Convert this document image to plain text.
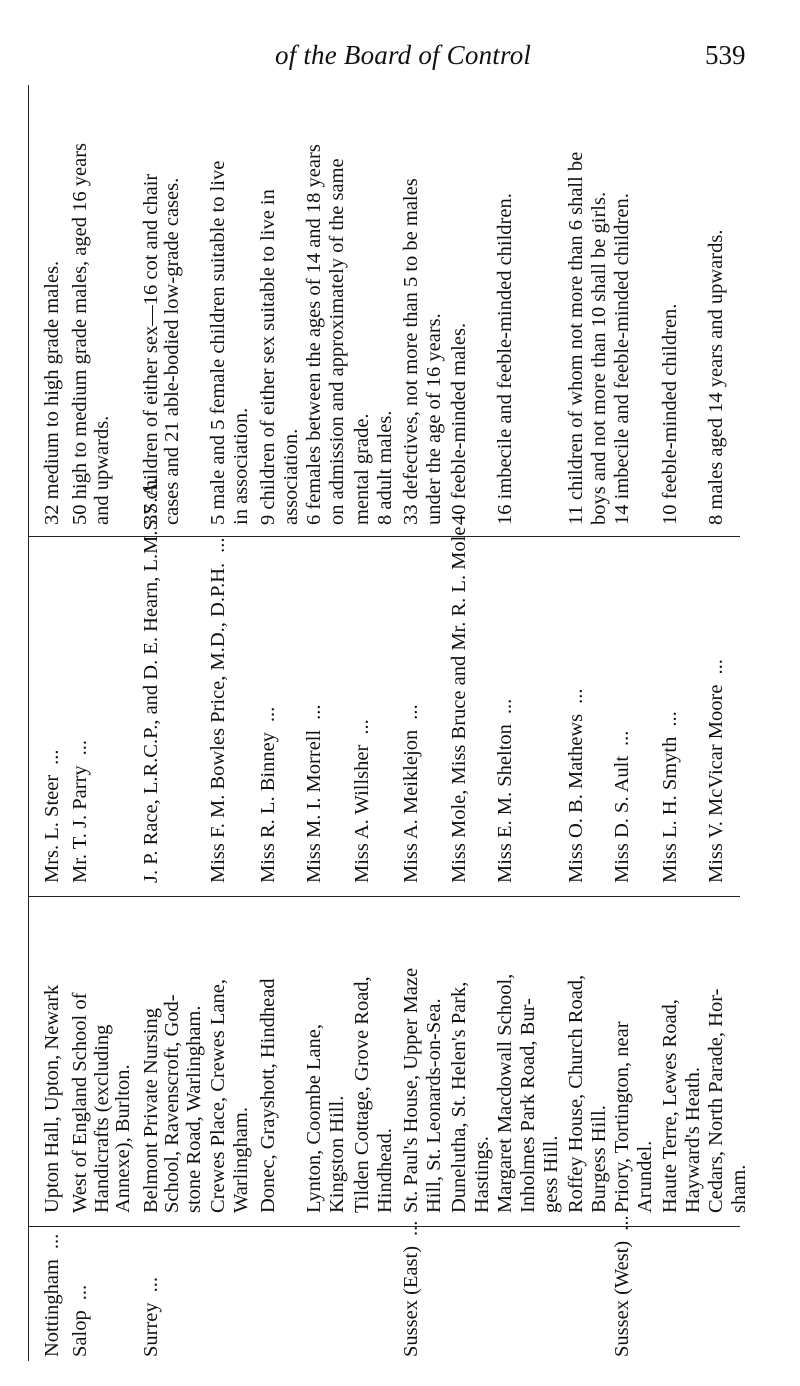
of the Board of Control	539
Nottingham...
Upton Hall, Upton, Newark
Mrs. L. Steer...
32 medium to high grade males.
Salop...
West of England School of
Mr. T. J. Parry...
50 high to medium grade males, aged 16 years
Handicrafts (excluding
and upwards.
Annexe), Burlton.
Surrey...
Belmont Private Nursing
J. P. Race, L.R.C.P., and D. E. Hearn, L.M.S.S.A.
37 children of either sex—16 cot and chair
School, Ravenscroft, God-
cases and 21 able-bodied low-grade cases.
stone Road, Warlingham. Crewes Place, Crewes Lane,
Miss F. M. Bowles Price, M.D., D.P.H....
5 male and 5 female children suitable to live
Warlingham.
in association.
Donec, Grayshott, Hindhead
Miss R. L. Binney...
9 children of either sex suitable to live in association.
Lynton, Coombe Lane,
Miss M. I. Morrell...
6 females between the ages of 14 and 18 years
Kingston Hill.
on admission and approximately of the same
Tilden Cottage, Grove Road,
Miss A. Willsher...
mental grade.
Hindhead.
8 adult males.
Sussex (East)...
St. Paul's House, Upper Maze
Miss A. Meiklejon...
33 defectives, not more than 5 to be males
Hill, St. Leonards-on-Sea.
under the age of 16 years.
Dunelutha, St. Helen's Park,
Miss Mole, Miss Bruce and Mr. R. L. Mole
40 feeble-minded males.
Hastings. Margaret Macdowall School,
Miss E. M. Shelton...
16 imbecile and feeble-minded children.
Inholmes Park Road, Bur- gess Hill. Roffey House, Church Road,
Miss O. B. Mathews...
11 children of whom not more than 6 shall be
Burgess Hill.
boys and not more than 10 shall be girls.
Sussex (West)...
Priory, Tortington, near
Miss D. S. Ault...
14 imbecile and feeble-minded children.
Arundel. Haute Terre, Lewes Road,
Miss L. H. Smyth...
10 feeble-minded children.
Hayward's Heath. Cedars, North Parade, Hor-
Miss V. McVicar Moore...
8 males aged 14 years and upwards.
sham.
